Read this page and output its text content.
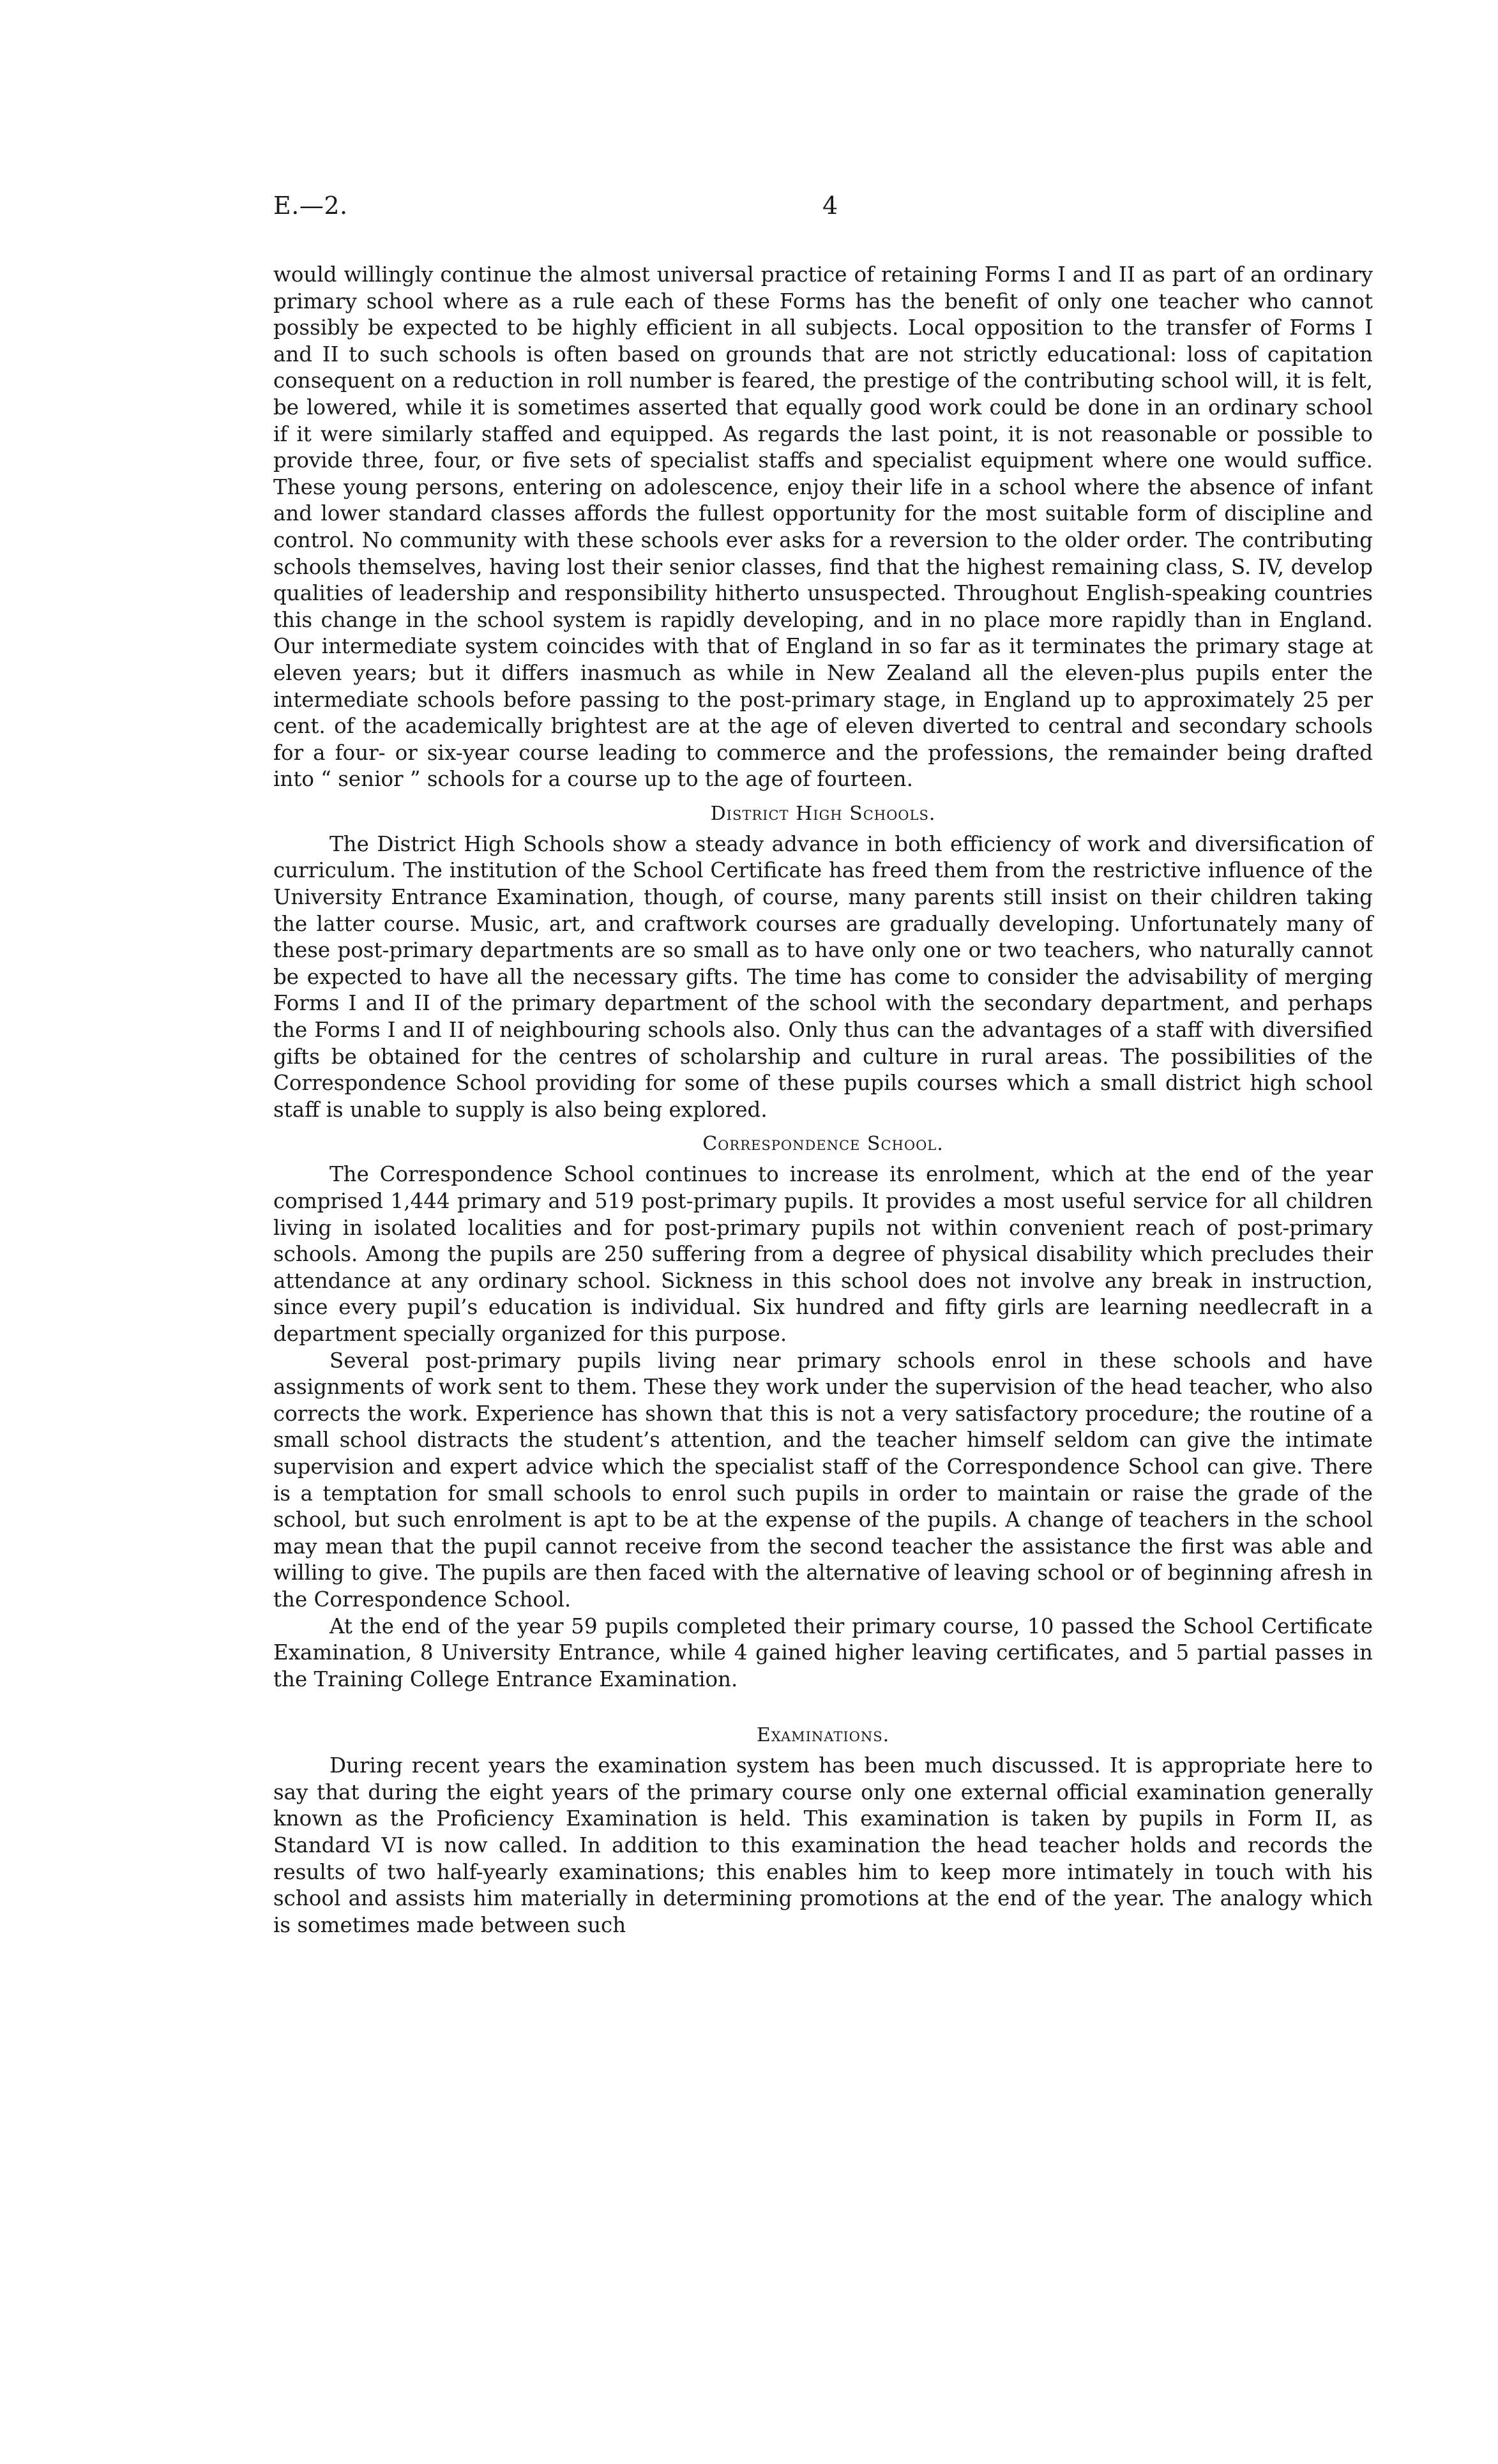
E.—2.	4

would willingly continue the almost universal practice of retaining Forms I and II as part of an ordinary primary school where as a rule each of these Forms has the benefit of only one teacher who cannot possibly be expected to be highly efficient in all subjects. Local opposition to the transfer of Forms I and II to such schools is often based on grounds that are not strictly educational: loss of capitation consequent on a reduction in roll number is feared, the prestige of the contributing school will, it is felt, be lowered, while it is sometimes asserted that equally good work could be done in an ordinary school if it were similarly staffed and equipped. As regards the last point, it is not reasonable or possible to provide three, four, or five sets of specialist staffs and specialist equipment where one would suffice. These young persons, entering on adolescence, enjoy their life in a school where the absence of infant and lower standard classes affords the fullest opportunity for the most suitable form of discipline and control. No community with these schools ever asks for a reversion to the older order. The contributing schools themselves, having lost their senior classes, find that the highest remaining class, S. IV, develop qualities of leadership and responsibility hitherto unsuspected. Throughout English-speaking countries this change in the school system is rapidly developing, and in no place more rapidly than in England. Our intermediate system coincides with that of England in so far as it terminates the primary stage at eleven years; but it differs inasmuch as while in New Zealand all the eleven-plus pupils enter the intermediate schools before passing to the post-primary stage, in England up to approximately 25 per cent. of the academically brightest are at the age of eleven diverted to central and secondary schools for a four- or six-year course leading to commerce and the professions, the remainder being drafted into “ senior ” schools for a course up to the age of fourteen.

District High Schools.

The District High Schools show a steady advance in both efficiency of work and diversification of curriculum. The institution of the School Certificate has freed them from the restrictive influence of the University Entrance Examination, though, of course, many parents still insist on their children taking the latter course. Music, art, and craftwork courses are gradually developing. Unfortunately many of these post-primary departments are so small as to have only one or two teachers, who naturally cannot be expected to have all the necessary gifts. The time has come to consider the advisability of merging Forms I and II of the primary department of the school with the secondary department, and perhaps the Forms I and II of neighbouring schools also. Only thus can the advantages of a staff with diversified gifts be obtained for the centres of scholarship and culture in rural areas. The possibilities of the Correspondence School providing for some of these pupils courses which a small district high school staff is unable to supply is also being explored.

Correspondence School.

The Correspondence School continues to increase its enrolment, which at the end of the year comprised 1,444 primary and 519 post-primary pupils. It provides a most useful service for all children living in isolated localities and for post-primary pupils not within convenient reach of post-primary schools. Among the pupils are 250 suffering from a degree of physical disability which precludes their attendance at any ordinary school. Sickness in this school does not involve any break in instruction, since every pupil’s education is individual. Six hundred and fifty girls are learning needlecraft in a department specially organized for this purpose.

Several post-primary pupils living near primary schools enrol in these schools and have assignments of work sent to them. These they work under the supervision of the head teacher, who also corrects the work. Experience has shown that this is not a very satisfactory procedure; the routine of a small school distracts the student’s attention, and the teacher himself seldom can give the intimate supervision and expert advice which the specialist staff of the Correspondence School can give. There is a temptation for small schools to enrol such pupils in order to maintain or raise the grade of the school, but such enrolment is apt to be at the expense of the pupils. A change of teachers in the school may mean that the pupil cannot receive from the second teacher the assistance the first was able and willing to give. The pupils are then faced with the alternative of leaving school or of beginning afresh in the Correspondence School.

At the end of the year 59 pupils completed their primary course, 10 passed the School Certificate Examination, 8 University Entrance, while 4 gained higher leaving certificates, and 5 partial passes in the Training College Entrance Examination.

Examinations.

During recent years the examination system has been much discussed. It is appropriate here to say that during the eight years of the primary course only one external official examination generally known as the Proficiency Examination is held. This examination is taken by pupils in Form II, as Standard VI is now called. In addition to this examination the head teacher holds and records the results of two half-yearly examinations; this enables him to keep more intimately in touch with his school and assists him materially in determining promotions at the end of the year. The analogy which is sometimes made between such
